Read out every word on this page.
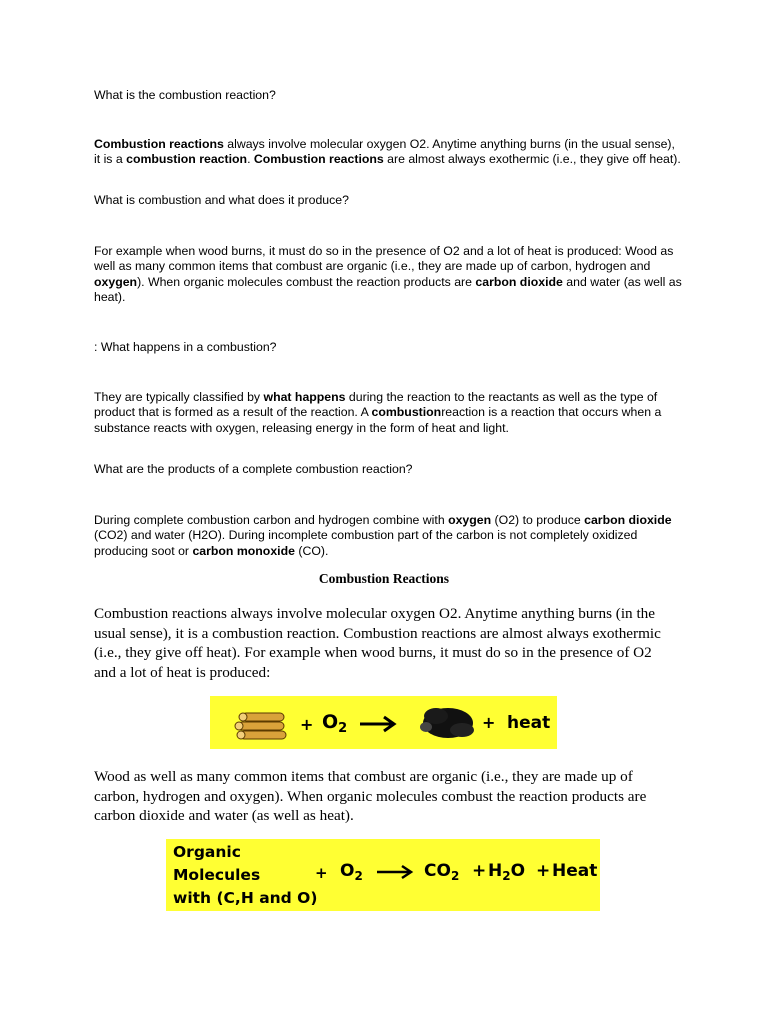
What is the combustion reaction?
Combustion reactions always involve molecular oxygen O2. Anytime anything burns (in the usual sense), it is a combustion reaction. Combustion reactions are almost always exothermic (i.e., they give off heat).
What is combustion and what does it produce?
For example when wood burns, it must do so in the presence of O2 and a lot of heat is produced: Wood as well as many common items that combust are organic (i.e., they are made up of carbon, hydrogen and oxygen). When organic molecules combust the reaction products are carbon dioxide and water (as well as heat).
: What happens in a combustion?
They are typically classified by what happens during the reaction to the reactants as well as the type of product that is formed as a result of the reaction. A combustionreaction is a reaction that occurs when a substance reacts with oxygen, releasing energy in the form of heat and light.
What are the products of a complete combustion reaction?
During complete combustion carbon and hydrogen combine with oxygen (O2) to produce carbon dioxide (CO2) and water (H2O). During incomplete combustion part of the carbon is not completely oxidized producing soot or carbon monoxide (CO).
Combustion Reactions
Combustion reactions always involve molecular oxygen O2. Anytime anything burns (in the usual sense), it is a combustion reaction. Combustion reactions are almost always exothermic (i.e., they give off heat). For example when wood burns, it must do so in the presence of O2 and a lot of heat is produced:
+ $O_2$	+ heat
Wood as well as many common items that combust are organic (i.e., they are made up of carbon, hydrogen and oxygen). When organic molecules combust the reaction products are carbon dioxide and water (as well as heat).
Organic
Molecules
with (C,H and O)
+ $O_2$	$CO_2 + H_2O$ + Heat
